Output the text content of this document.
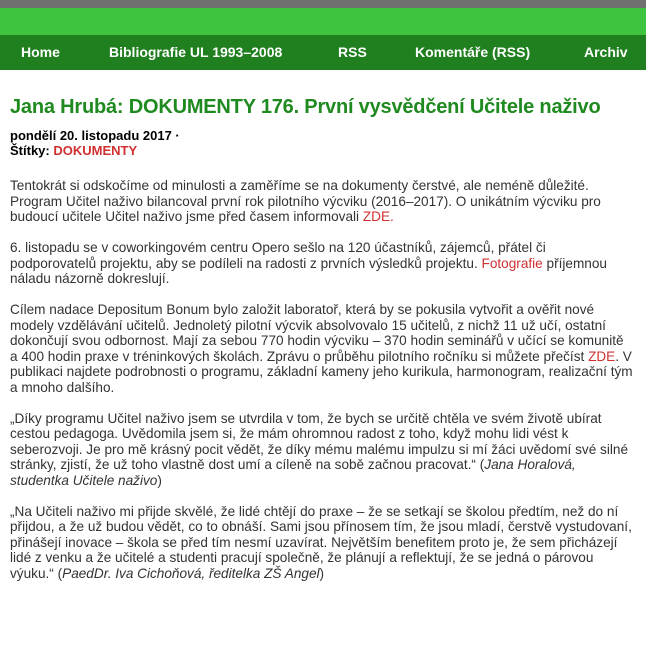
Home	Bibliografie UL 1993–2008	RSS	Komentáře (RSS)	Archiv
Jana Hrubá: DOKUMENTY 176. První vysvědčení Učitele naživo
pondělí 20. listopadu 2017 ·
Štítky: DOKUMENTY

Tentokrát si odskočíme od minulosti a zaměříme se na dokumenty čerstvé, ale neméně důležité. Program Učitel naživo bilancoval první rok pilotního výcviku (2016–2017). O unikátním výcviku pro budoucí učitele Učitel naživo jsme před časem informovali ZDE.

6. listopadu se v coworkingovém centru Opero sešlo na 120 účastníků, zájemců, přátel či podporovatelů projektu, aby se podíleli na radosti z prvních výsledků projektu. Fotografie příjemnou náladu názorně dokreslují.

Cílem nadace Depositum Bonum bylo založit laboratoř, která by se pokusila vytvořit a ověřit nové modely vzdělávání učitelů. Jednoletý pilotní výcvik absolvovalo 15 učitelů, z nichž 11 už učí, ostatní dokončují svou odbornost. Mají za sebou 770 hodin výcviku – 370 hodin seminářů v učící se komunitě a 400 hodin praxe v tréninkových školách. Zprávu o průběhu pilotního ročníku si můžete přečíst ZDE. V publikaci najdete podrobnosti o programu, základní kameny jeho kurikula, harmonogram, realizační tým a mnoho dalšího.

„Díky programu Učitel naživo jsem se utvrdila v tom, že bych se určitě chtěla ve svém životě ubírat cestou pedagoga. Uvědomila jsem si, že mám ohromnou radost z toho, když mohu lidi vést k seberozvoji. Je pro mě krásný pocit vědět, že díky mému malému impulzu si mí žáci uvědomí své silné stránky, zjistí, že už toho vlastně dost umí a cíleně na sobě začnou pracovat.“ (Jana Horalová, studentka Učitele naživo)

„Na Učiteli naživo mi přijde skvělé, že lidé chtějí do praxe – že se setkají se školou předtím, než do ní přijdou, a že už budou vědět, co to obnáší. Sami jsou přínosem tím, že jsou mladí, čerstvě vystudovaní, přinášejí inovace – škola se před tím nesmí uzavírat. Největším benefitem proto je, že sem přicházejí lidé z venku a že učitelé a studenti pracují společně, že plánují a reflektují, že se jedná o párovou výuku.“ (PaedDr. Iva Cichoňová, ředitelka ZŠ Angel)
